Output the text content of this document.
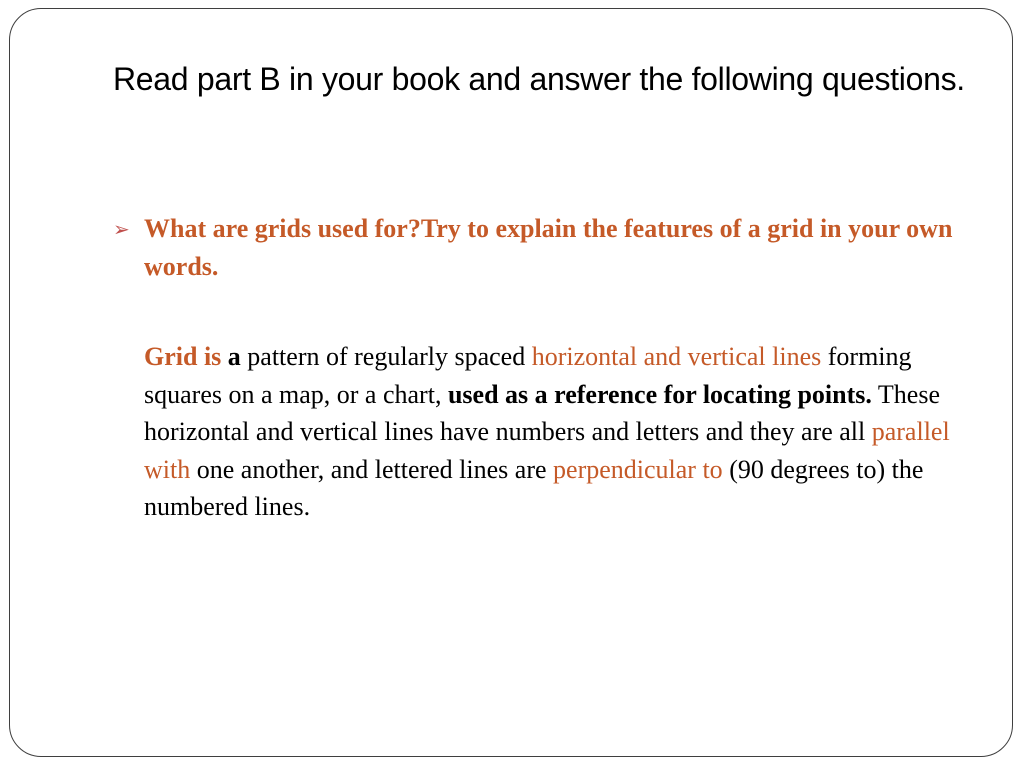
Read part B in your book and answer the following questions.
➢ What are grids used for?Try to explain the features of a grid in your own words.
Grid is a pattern of regularly spaced horizontal and vertical lines forming squares on a map, or a chart, used as a reference for locating points. These horizontal and vertical lines have numbers and letters and they are all parallel with one another, and lettered lines are perpendicular to (90 degrees to) the numbered lines.
